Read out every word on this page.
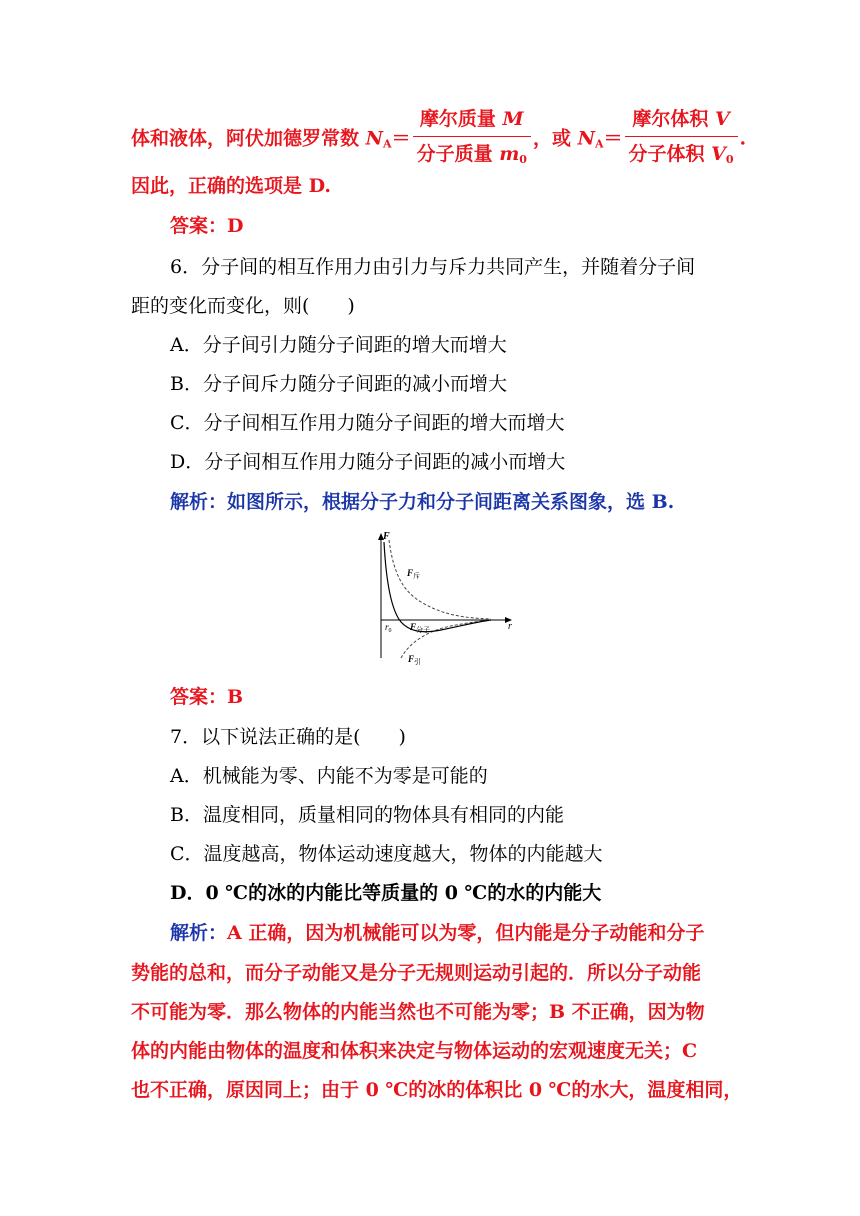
体和液体，阿伏加德罗常数 $N_A= \frac{\text{摩尔质量 M}}{分子质量 m_0}$ ，或 $N_A= \frac{\text{摩尔体积 V}}{分子体积 V_0}$ .
因此，正确的选项是 D.
答案：D
6．分子间的相互作用力由引力与斥力共同产生，并随着分子间
距的变化而变化，则(　　)
A．分子间引力随分子间距的增大而增大
B．分子间斥力随分子间距的减小而增大
C．分子间相互作用力随分子间距的增大而增大
D．分子间相互作用力随分子间距的减小而增大
解析：如图所示，根据分子力和分子间距离关系图象，选 B.
F
r
$r_0$
$F_斥$
$F_{分子}$
$F_引$
答案：B
7．以下说法正确的是(　　)
A．机械能为零、内能不为零是可能的
B．温度相同，质量相同的物体具有相同的内能
C．温度越高，物体运动速度越大，物体的内能越大
D．0 ℃的冰的内能比等质量的 0 ℃的水的内能大
解析：A 正确，因为机械能可以为零，但内能是分子动能和分子
势能的总和，而分子动能又是分子无规则运动引起的．所以分子动能
不可能为零．那么物体的内能当然也不可能为零；B 不正确，因为物
体的内能由物体的温度和体积来决定与物体运动的宏观速度无关；C
也不正确，原因同上；由于 0 ℃的冰的体积比 0 ℃的水大，温度相同，
